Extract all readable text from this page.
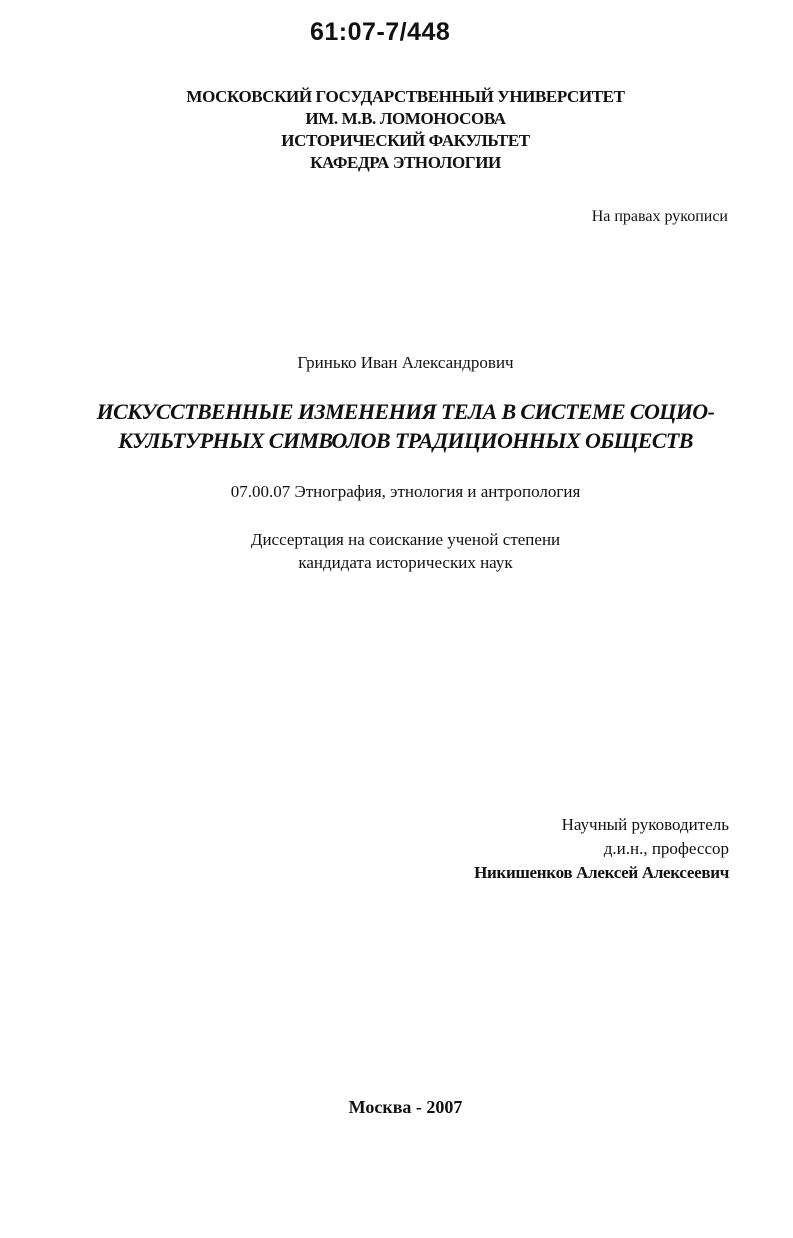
61:07-7/448
МОСКОВСКИЙ ГОСУДАРСТВЕННЫЙ УНИВЕРСИТЕТ
ИМ. М.В. ЛОМОНОСОВА
ИСТОРИЧЕСКИЙ ФАКУЛЬТЕТ
КАФЕДРА ЭТНОЛОГИИ
На правах рукописи
Гринько Иван Александрович
ИСКУССТВЕННЫЕ ИЗМЕНЕНИЯ ТЕЛА В СИСТЕМЕ СОЦИО-
КУЛЬТУРНЫХ СИМВОЛОВ ТРАДИЦИОННЫХ ОБЩЕСТВ
07.00.07 Этнография, этнология и антропология
Диссертация на соискание ученой степени
кандидата исторических наук
Научный руководитель
д.и.н., профессор
Никишенков Алексей Алексеевич
Москва - 2007
